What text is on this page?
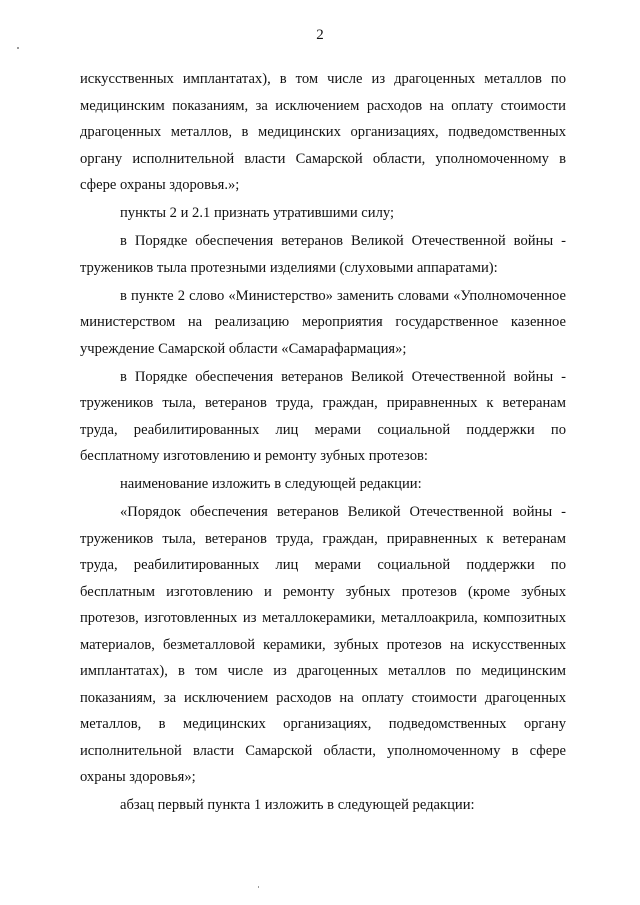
2

искусственных имплантатах), в том числе из драгоценных металлов по медицинским показаниям, за исключением расходов на оплату стоимости драгоценных металлов, в медицинских организациях, подведомственных органу исполнительной власти Самарской области, уполномоченному в сфере охраны здоровья.»;

пункты 2 и 2.1 признать утратившими силу;

в Порядке обеспечения ветеранов Великой Отечественной войны - тружеников тыла протезными изделиями (слуховыми аппаратами):

в пункте 2 слово «Министерство» заменить словами «Уполномоченное министерством на реализацию мероприятия государственное казенное учреждение Самарской области «Самарафармация»;

в Порядке обеспечения ветеранов Великой Отечественной войны - тружеников тыла, ветеранов труда, граждан, приравненных к ветеранам труда, реабилитированных лиц мерами социальной поддержки по бесплатному изготовлению и ремонту зубных протезов:

наименование изложить в следующей редакции:

«Порядок обеспечения ветеранов Великой Отечественной войны - тружеников тыла, ветеранов труда, граждан, приравненных к ветеранам труда, реабилитированных лиц мерами социальной поддержки по бесплатным изготовлению и ремонту зубных протезов (кроме зубных протезов, изготовленных из металлокерамики, металлоакрила, композитных материалов, безметалловой керамики, зубных протезов на искусственных имплантатах), в том числе из драгоценных металлов по медицинским показаниям, за исключением расходов на оплату стоимости драгоценных металлов, в медицинских организациях, подведомственных органу исполнительной власти Самарской области, уполномоченному в сфере охраны здоровья»;

абзац первый пункта 1 изложить в следующей редакции:
